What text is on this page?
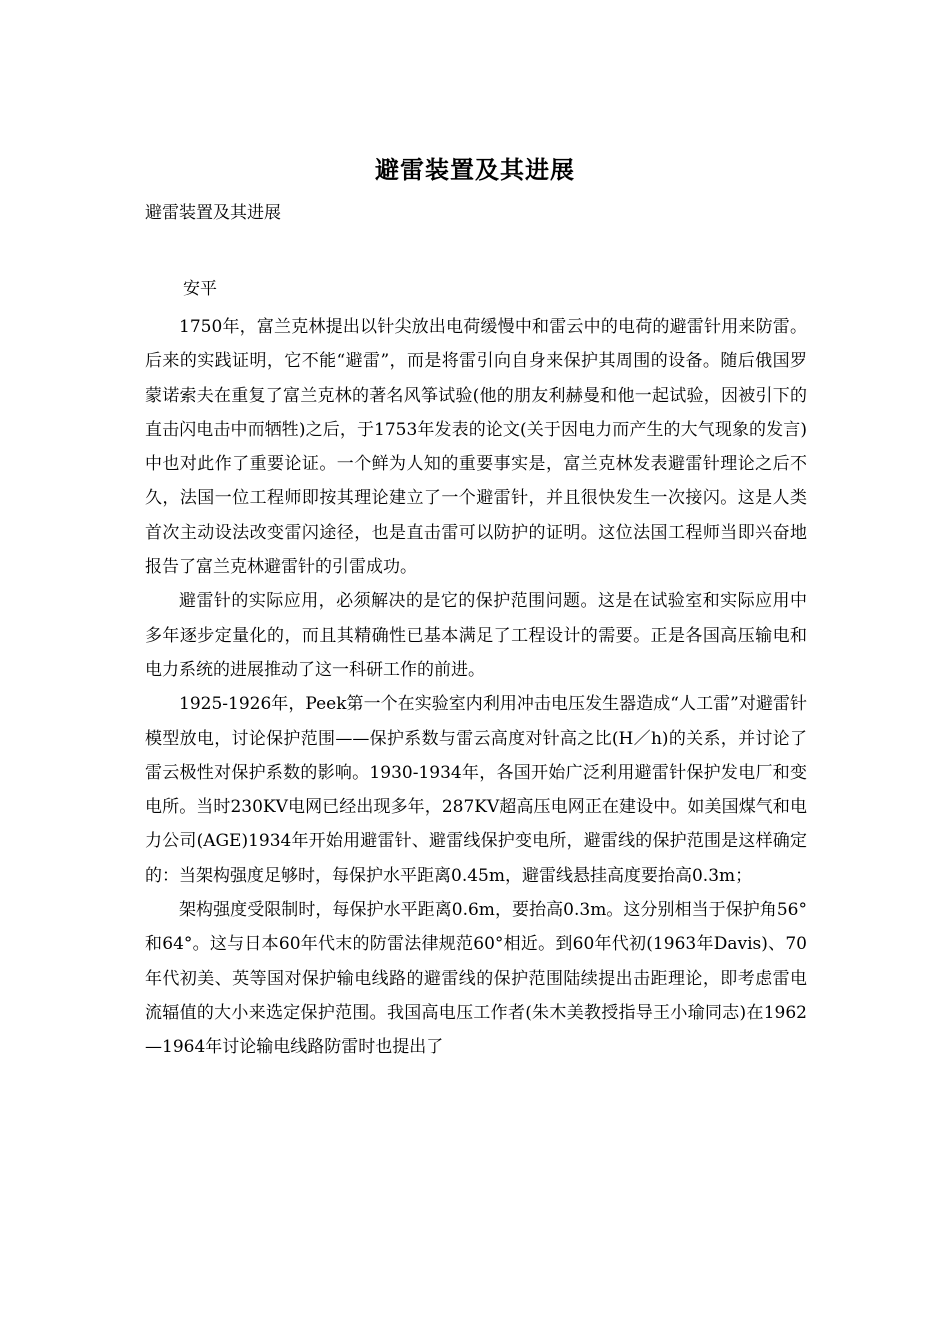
避雷装置及其进展
避雷装置及其进展
安平

1750年，富兰克林提出以针尖放出电荷缓慢中和雷云中的电荷的避雷针用来防雷。后来的实践证明，它不能“避雷”，而是将雷引向自身来保护其周围的设备。随后俄国罗蒙诺索夫在重复了富兰克林的著名风筝试验(他的朋友利赫曼和他一起试验，因被引下的直击闪电击中而牺牲)之后，于1753年发表的论文(关于因电力而产生的大气现象的发言)中也对此作了重要论证。一个鲜为人知的重要事实是，富兰克林发表避雷针理论之后不久，法国一位工程师即按其理论建立了一个避雷针，并且很快发生一次接闪。这是人类首次主动设法改变雷闪途径，也是直击雷可以防护的证明。这位法国工程师当即兴奋地报告了富兰克林避雷针的引雷成功。

避雷针的实际应用，必须解决的是它的保护范围问题。这是在试验室和实际应用中多年逐步定量化的，而且其精确性已基本满足了工程设计的需要。正是各国高压输电和电力系统的进展推动了这一科研工作的前进。

1925-1926年，Peek第一个在实验室内利用冲击电压发生器造成“人工雷”对避雷针模型放电，讨论保护范围——保护系数与雷云高度对针高之比(H／h)的关系，并讨论了雷云极性对保护系数的影响。1930-1934年，各国开始广泛利用避雷针保护发电厂和变电所。当时230KV电网已经出现多年，287KV超高压电网正在建设中。如美国煤气和电力公司(AGE)1934年开始用避雷针、避雷线保护变电所，避雷线的保护范围是这样确定的：当架构强度足够时，每保护水平距离0.45m，避雷线悬挂高度要抬高0.3m；

架构强度受限制时，每保护水平距离0.6m，要抬高0.3m。这分别相当于保护角56°和64°。这与日本60年代末的防雷法律规范60°相近。到60年代初(1963年Davis)、70年代初美、英等国对保护输电线路的避雷线的保护范围陆续提出击距理论，即考虑雷电流辐值的大小来选定保护范围。我国高电压工作者(朱木美教授指导王小瑜同志)在1962—1964年讨论输电线路防雷时也提出了
